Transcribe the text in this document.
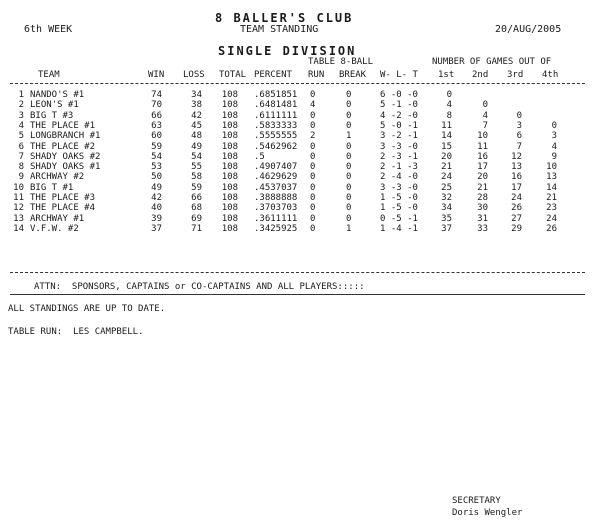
6th WEEK
8 BALLER'S CLUB
TEAM STANDING	20/AUG/2005
SINGLE DIVISION
TABLE 8-BALL	NUMBER OF GAMES OUT OF
TEAM	WIN LOSS TOTAL PERCENT RUN BREAK W- L- T 1st 2nd 3rd 4th
1 NANDO'S #1	74	34	108 .6851851	0	0	6 -0 -0	0
2 LEON'S #1	70	38	108 .6481481	4	0	5 -1 -0	4	0
3 BIG T #3	66	42	108 .6111111	0	0	4 -2 -0	8	4	0
4 THE PLACE #1	63	45	108 .5833333	0	0	5 -0 -1	11	7	3	0
5 LONGBRANCH #1	60	48	108 .5555555	2	1	3 -2 -1	14	10	6	3
6 THE PLACE #2	59	49	108 .5462962	0	0	3 -3 -0	15	11	7	4
7 SHADY OAKS #2	54	54	108 .5	0	0	2 -3 -1	20	16	12	9
8 SHADY OAKS #1	53	55	108 .4907407	0	0	2 -1 -3	21	17	13	10
9 ARCHWAY #2	50	58	108 .4629629	0	0	2 -4 -0	24	20	16	13
10 BIG T #1	49	59	108 .4537037	0	0	3 -3 -0	25	21	17	14
11 THE PLACE #3	42	66	108 .3888888	0	0	1 -5 -0	32	28	24	21
12 THE PLACE #4	40	68	108 .3703703	0	0	1 -5 -0	34	30	26	23
13 ARCHWAY #1	39	69	108 .3611111	0	0	0 -5 -1	35	31	27	24
14 V.F.W. #2	37	71	108 .3425925	0	1	1 -4 -1	37	33	29	26
ATTN:  SPONSORS, CAPTAINS or CO-CAPTAINS AND ALL PLAYERS:::::
ALL STANDINGS ARE UP TO DATE.
TABLE RUN:  LES CAMPBELL.
SECRETARY
Doris Wengler
